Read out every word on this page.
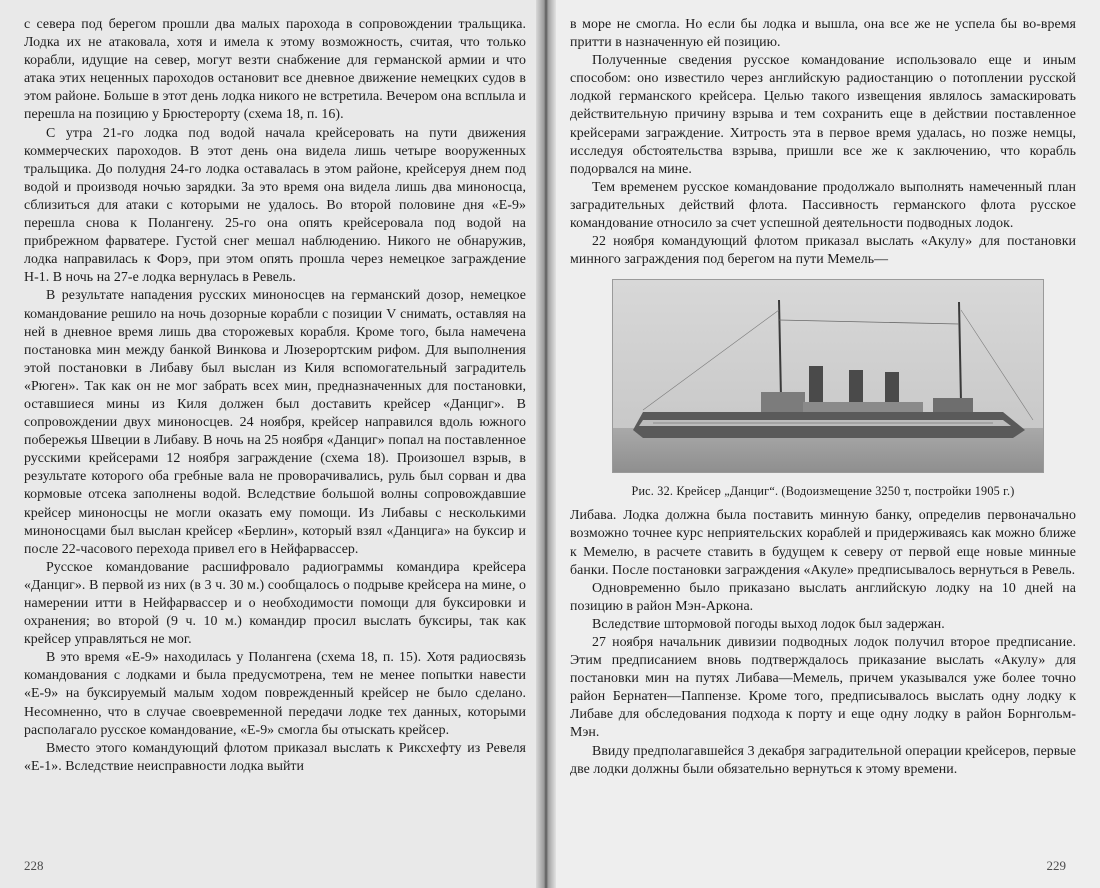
с севера под берегом прошли два малых парохода в сопровождении тральщика. Лодка их не атаковала, хотя и имела к этому возможность, считая, что только корабли, идущие на север, могут везти снабжение для германской армии и что атака этих неценных пароходов остановит все дневное движение немецких судов в этом районе. Больше в этот день лодка никого не встретила. Вечером она всплыла и перешла на позицию у Брюстерорту (схема 18, п. 16).

С утра 21-го лодка под водой начала крейсеровать на пути движения коммерческих пароходов. В этот день она видела лишь четыре вооруженных тральщика. До полудня 24-го лодка оставалась в этом районе, крейсеруя днем под водой и производя ночью зарядки. За это время она видела лишь два миноносца, сблизиться для атаки с которыми не удалось. Во второй половине дня «Е-9» перешла снова к Полангену. 25-го она опять крейсеровала под водой на прибрежном фарватере. Густой снег мешал наблюдению. Никого не обнаружив, лодка направилась к Форэ, при этом опять прошла через немецкое заграждение Н-1. В ночь на 27-е лодка вернулась в Ревель.

В результате нападения русских миноносцев на германский дозор, немецкое командование решило на ночь дозорные корабли с позиции V снимать, оставляя на ней в дневное время лишь два сторожевых корабля. Кроме того, была намечена постановка мин между банкой Винкова и Люзерортским рифом. Для выполнения этой постановки в Либаву был выслан из Киля вспомогательный заградитель «Рюген». Так как он не мог забрать всех мин, предназначенных для постановки, оставшиеся мины из Киля должен был доставить крейсер «Данциг». В сопровождении двух миноносцев. 24 ноября, крейсер направился вдоль южного побережья Швеции в Либаву. В ночь на 25 ноября «Данциг» попал на поставленное русскими крейсерами 12 ноября заграждение (схема 18). Произошел взрыв, в результате которого оба гребные вала не проворачивались, руль был сорван и два кормовые отсека заполнены водой. Вследствие большой волны сопровождавшие крейсер миноносцы не могли оказать ему помощи. Из Либавы с несколькими миноносцами был выслан крейсер «Берлин», который взял «Данцига» на буксир и после 22-часового перехода привел его в Нейфарвассер.

Русское командование расшифровало радиограммы командира крейсера «Данциг». В первой из них (в 3 ч. 30 м.) сообщалось о подрыве крейсера на мине, о намерении итти в Нейфарвассер и о необходимости помощи для буксировки и охранения; во второй (9 ч. 10 м.) командир просил выслать буксиры, так как крейсер управляться не мог.

В это время «Е-9» находилась у Полангена (схема 18, п. 15). Хотя радиосвязь командования с лодками и была предусмотрена, тем не менее попытки навести «Е-9» на буксируемый малым ходом поврежденный крейсер не было сделано. Несомненно, что в случае своевременной передачи лодке тех данных, которыми располагало русское командование, «Е-9» смогла бы отыскать крейсер.

Вместо этого командующий флотом приказал выслать к Риксхефту из Ревеля «Е-1». Вследствие неисправности лодка выйти

228

в море не смогла. Но если бы лодка и вышла, она все же не успела бы во-время притти в назначенную ей позицию.

Полученные сведения русское командование использовало еще и иным способом: оно известило через английскую радиостанцию о потоплении русской лодкой германского крейсера. Целью такого извещения являлось замаскировать действительную причину взрыва и тем сохранить еще в действии поставленное крейсерами заграждение. Хитрость эта в первое время удалась, но позже немцы, исследуя обстоятельства взрыва, пришли все же к заключению, что корабль подорвался на мине.

Тем временем русское командование продолжало выполнять намеченный план заградительных действий флота. Пассивность германского флота русское командование относило за счет успешной деятельности подводных лодок.

22 ноября командующий флотом приказал выслать «Акулу» для постановки минного заграждения под берегом на пути Мемель—

Рис. 32. Крейсер „Данциг“. (Водоизмещение 3250 т, постройки 1905 г.)

Либава. Лодка должна была поставить минную банку, определив первоначально возможно точнее курс неприятельских кораблей и придерживаясь как можно ближе к Мемелю, в расчете ставить в будущем к северу от первой еще новые минные банки. После постановки заграждения «Акуле» предписывалось вернуться в Ревель.

Одновременно было приказано выслать английскую лодку на 10 дней на позицию в район Мэн-Аркона.

Вследствие штормовой погоды выход лодок был задержан.

27 ноября начальник дивизии подводных лодок получил второе предписание. Этим предписанием вновь подтверждалось приказание выслать «Акулу» для постановки мин на путях Либава—Мемель, причем указывался уже более точно район Бернатен—Паппензе. Кроме того, предписывалось выслать одну лодку к Либаве для обследования подхода к порту и еще одну лодку в район Борнгольм-Мэн.

Ввиду предполагавшейся 3 декабря заградительной операции крейсеров, первые две лодки должны были обязательно вернуться к этому времени.

229
